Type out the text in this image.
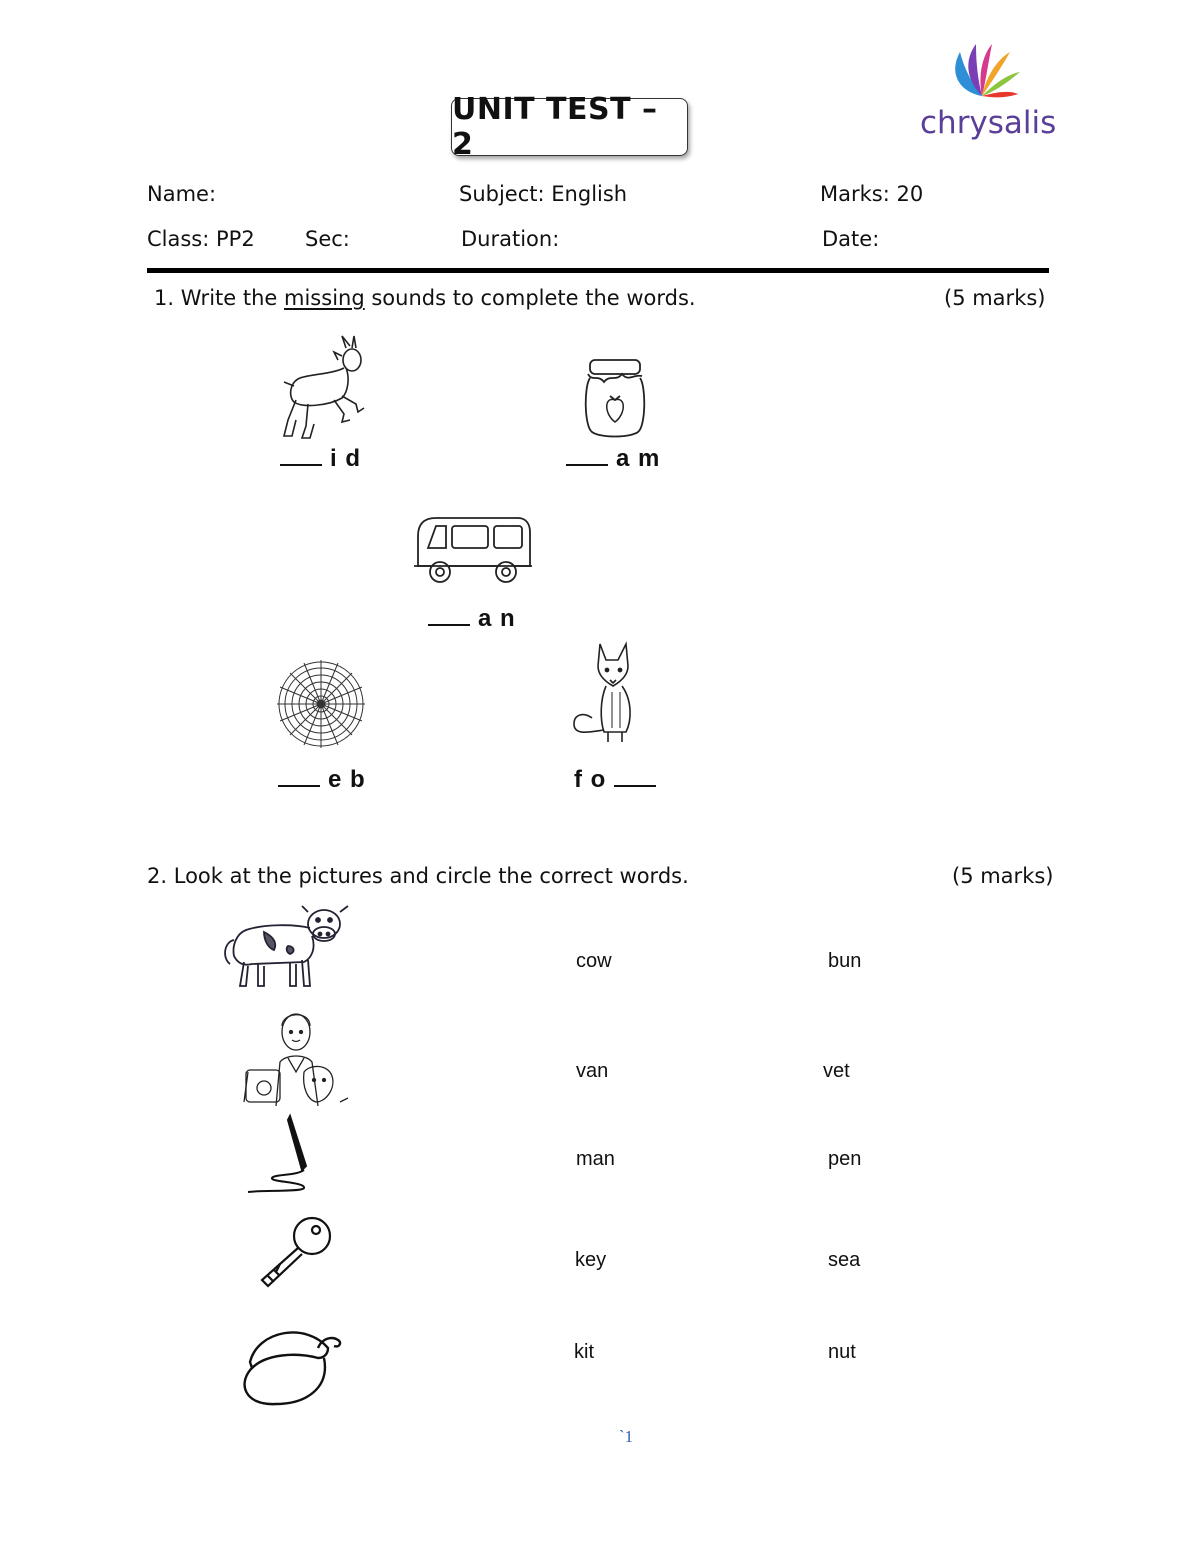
chrysalis
UNIT TEST – 2
Name:	Subject: English	Marks: 20
Class: PP2 Sec:	Duration:	Date:
1. Write the missing sounds to complete the words.	(5 marks)
i d	a m
a n
e b	f o
2. Look at the pictures and circle the correct words.	(5 marks)
cow	bun
van	vet
man	pen
key	sea
kit	nut
`1
